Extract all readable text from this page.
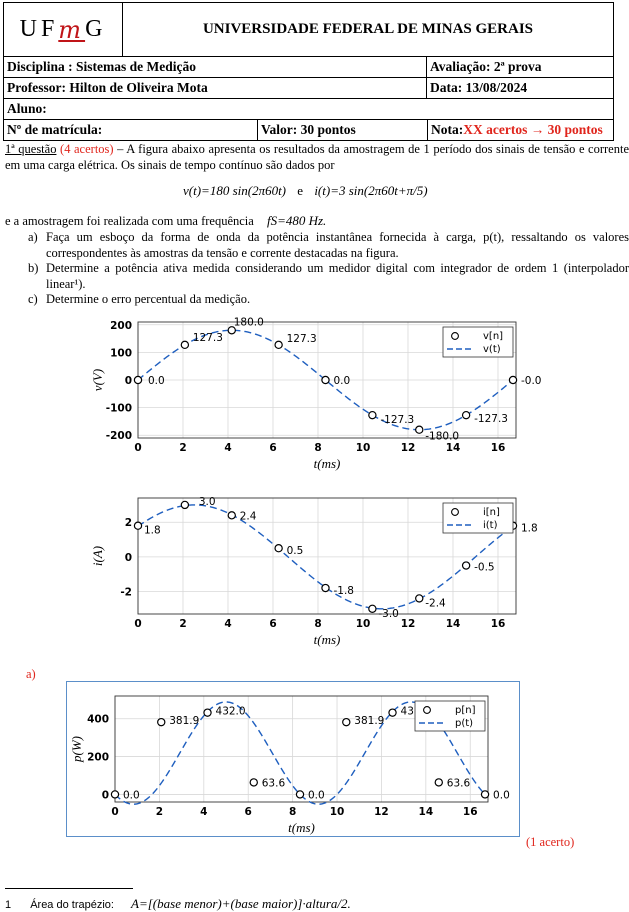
U F m G	UNIVERSIDADE FEDERAL DE MINAS GERAIS
Disciplina : Sistemas de Medição	Avaliação: 2ª prova
Professor: Hilton de Oliveira Mota	Data: 13/08/2024
Aluno:
Nº de matrícula:	Valor: 30 pontos	Nota: XX acertos → 30 pontos
1ª questão (4 acertos) – A figura abaixo apresenta os resultados da amostragem de 1 período dos sinais de tensão e corrente em uma carga elétrica. Os sinais de tempo contínuo são dados por
v(t)=180 sin(2π60t) e i(t)=3 sin(2π60t+π/5)
e a amostragem foi realizada com uma frequência fS=480 Hz.
a) Faça um esboço da forma de onda da potência instantânea fornecida à carga, p(t), ressaltando os valores correspondentes às amostras da tensão e corrente destacadas na figura.
b) Determine a potência ativa medida considerando um medidor digital com integrador de ordem 1 (interpolador linear¹).
c) Determine o erro percentual da medição.
0	2	4	6	8	10	12	14	16
-200
-100
0
100
200
t(ms)
v(V)	0.0
127.3
180.0
127.3
0.0
-127.3
-180.0
-127.3
-0.0
v[n]
v(t)
0	2	4	6	8	10	12	14	16
-2
0
2
t(ms)
i(A)
1.8
3.0
2.4
0.5
-1.8
-3.0
-2.4
-0.5
1.8
i[n]
i(t)
a)
0	2	4	6	8	10	12	14	16
0
200
400
t(ms)
p(W)
0.0
381.9
432.0
63.6
0.0
381.9
43
63.6
0.0
p[n]
p(t)
(1 acerto)
1 Área do trapézio: A=[(base menor)+(base maior)]·altura/2.
